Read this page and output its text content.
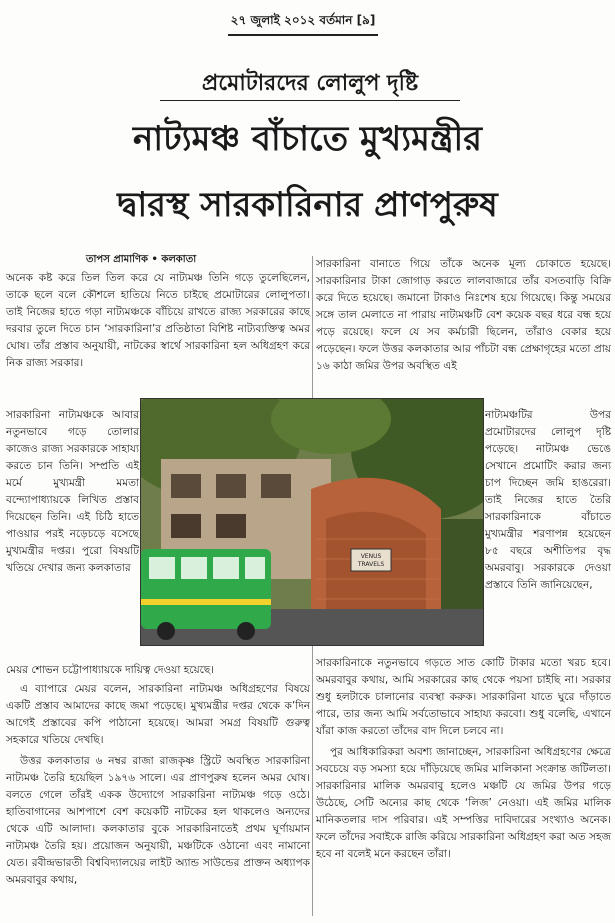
২৭ জুলাই ২০১২ বর্তমান [৯]
প্রমোটারদের লোলুপ দৃষ্টি
নাট্যমঞ্চ বাঁচাতে মুখ্যমন্ত্রীর
দ্বারস্থ সারকারিনার প্রাণপুরুষ
তাপস প্রামাণিক • কলকাতা

অনেক কষ্ট করে তিল তিল করে যে নাট্যমঞ্চ তিনি গড়ে তুলেছিলেন, তাকে ছলে বলে কৌশলে হাতিয়ে নিতে চাইছে প্রমোটারের লোলুপতা। তাই নিজের হাতে গড়া নাট্যমঞ্চকে বাঁচিয়ে রাখতে রাজ্য সরকারের কাছে দরবার তুলে দিতে চান ‘সারকারিনা’র প্রতিষ্ঠাতা বিশিষ্ট নাট্যব্যক্তিত্ব অমর ঘোষ। তাঁর প্রস্তাব অনুযায়ী, নাটকের স্বার্থে সারকারিনা হল অধিগ্রহণ করে নিক রাজ্য সরকার।

সারকারিনা নাট্যমঞ্চকে আবার নতুনভাবে গড়ে তোলার কাজেও রাজ্য সরকারকে সাহায্য করতে চান তিনি। সম্প্রতি এই মর্মে মুখ্যমন্ত্রী মমতা বন্দ্যোপাধ্যায়কে লিখিত প্রস্তাব দিয়েছেন তিনি। এই চিঠি হাতে পাওয়ার পরই নড়েচড়ে বসেছে মুখ্যমন্ত্রীর দপ্তর। পুরো বিষয়টি খতিয়ে দেখার জন্য কলকাতার

মেয়র শোভন চট্টোপাধ্যায়কে দায়িত্ব দেওয়া হয়েছে।

এ ব্যাপারে মেয়র বলেন, সারকারিনা নাট্যমঞ্চ অধিগ্রহণের বিষয়ে একটি প্রস্তাব আমাদের কাছে জমা পড়েছে। মুখ্যমন্ত্রীর দপ্তর থেকে ক’দিন আগেই প্রস্তাবের কপি পাঠানো হয়েছে। আমরা সমগ্র বিষয়টি গুরুত্ব সহকারে খতিয়ে দেখছি।

উত্তর কলকাতার ৬ নম্বর রাজা রাজকৃষ্ণ স্ট্রিটে অবস্থিত সারকারিনা নাট্যমঞ্চ তৈরি হয়েছিল ১৯৭৬ সালে। এর প্রাণপুরুষ হলেন অমর ঘোষ। বলতে গেলে তাঁরই একক উদ্যোগে সারকারিনা নাট্যমঞ্চ গড়ে ওঠে। হাতিবাগানের আশপাশে বেশ কয়েকটি নাটকের হল থাকলেও অন্যদের থেকে এটি আলাদা। কলকাতার বুকে সারকারিনাতেই প্রথম ঘূর্ণায়মান নাট্যমঞ্চ তৈরি হয়। প্রয়োজন অনুযায়ী, মঞ্চটিকে ওঠানো এবং নামানো যেত। রবীন্দ্রভারতী বিশ্ববিদ্যালয়ের লাইট অ্যান্ড সাউন্ডের প্রাক্তন অধ্যাপক অমরবাবুর কথায়,

সারকারিনা বানাতে গিয়ে তাঁকে অনেক মূল্য চোকাতে হয়েছে। সারকারিনার টাকা জোগাড় করতে লালবাজারে তাঁর বসতবাড়ি বিক্রি করে দিতে হয়েছে। জমানো টাকাও নিঃশেষ হয়ে গিয়েছে। কিন্তু সময়ের সঙ্গে তাল মেলাতে না পারায় নাট্যমঞ্চটি বেশ কয়েক বছর ধরে বন্ধ হয়ে পড়ে রয়েছে। ফলে যে সব কর্মচারী ছিলেন, তাঁরাও বেকার হয়ে পড়েছেন। ফলে উত্তর কলকাতার আর পাঁচটা বন্ধ প্রেক্ষাগৃহের মতো প্রায় ১৬ কাঠা জমির উপর অবস্থিত এই

নাট্যমঞ্চটির উপর প্রমোটারদের লোলুপ দৃষ্টি পড়েছে। নাট্যমঞ্চ ভেঙে সেখানে প্রমোটিং করার জন্য চাপ দিচ্ছেন জমি হাঙরেরা। তাই নিজের হাতে তৈরি সারকারিনাকে বাঁচাতে মুখ্যমন্ত্রীর শরণাপন্ন হয়েছেন ৮৫ বছরে অশীতিপর বৃদ্ধ অমরবাবু। সরকারকে দেওয়া প্রস্তাবে তিনি জানিয়েছেন,

সারকারিনাকে নতুনভাবে গড়তে সাত কোটি টাকার মতো খরচ হবে। অমরবাবুর কথায়, আমি সরকারের কাছ থেকে পয়সা চাইছি না। সরকার শুধু হলটাকে চালানোর ব্যবস্থা করুক। সারকারিনা যাতে ঘুরে দাঁড়াতে পারে, তার জন্য আমি সর্বতোভাবে সাহায্য করবো। শুধু বলেছি, এখানে যাঁরা কাজ করতো তাঁদের বাদ দিলে চলবে না।

পুর আধিকারিকরা অবশ্য জানাচ্ছেন, সারকারিনা অধিগ্রহণের ক্ষেত্রে সবচেয়ে বড় সমস্যা হয়ে দাঁড়িয়েছে জমির মালিকানা সংক্রান্ত জটিলতা। সারকারিনার মালিক অমরবাবু হলেও মঞ্চটি যে জমির উপর গড়ে উঠেছে, সেটি অন্যের কাছ থেকে ‘লিজ’ নেওয়া। এই জমির মালিক মানিকতলার দাস পরিবার। এই সম্পত্তির দাবিদারের সংখ্যাও অনেক। ফলে তাঁদের সবাইকে রাজি করিয়ে সারকারিনা অধিগ্রহণ করা অত সহজ হবে না বলেই মনে করছেন তাঁরা।

VENUS
TRAVELS
